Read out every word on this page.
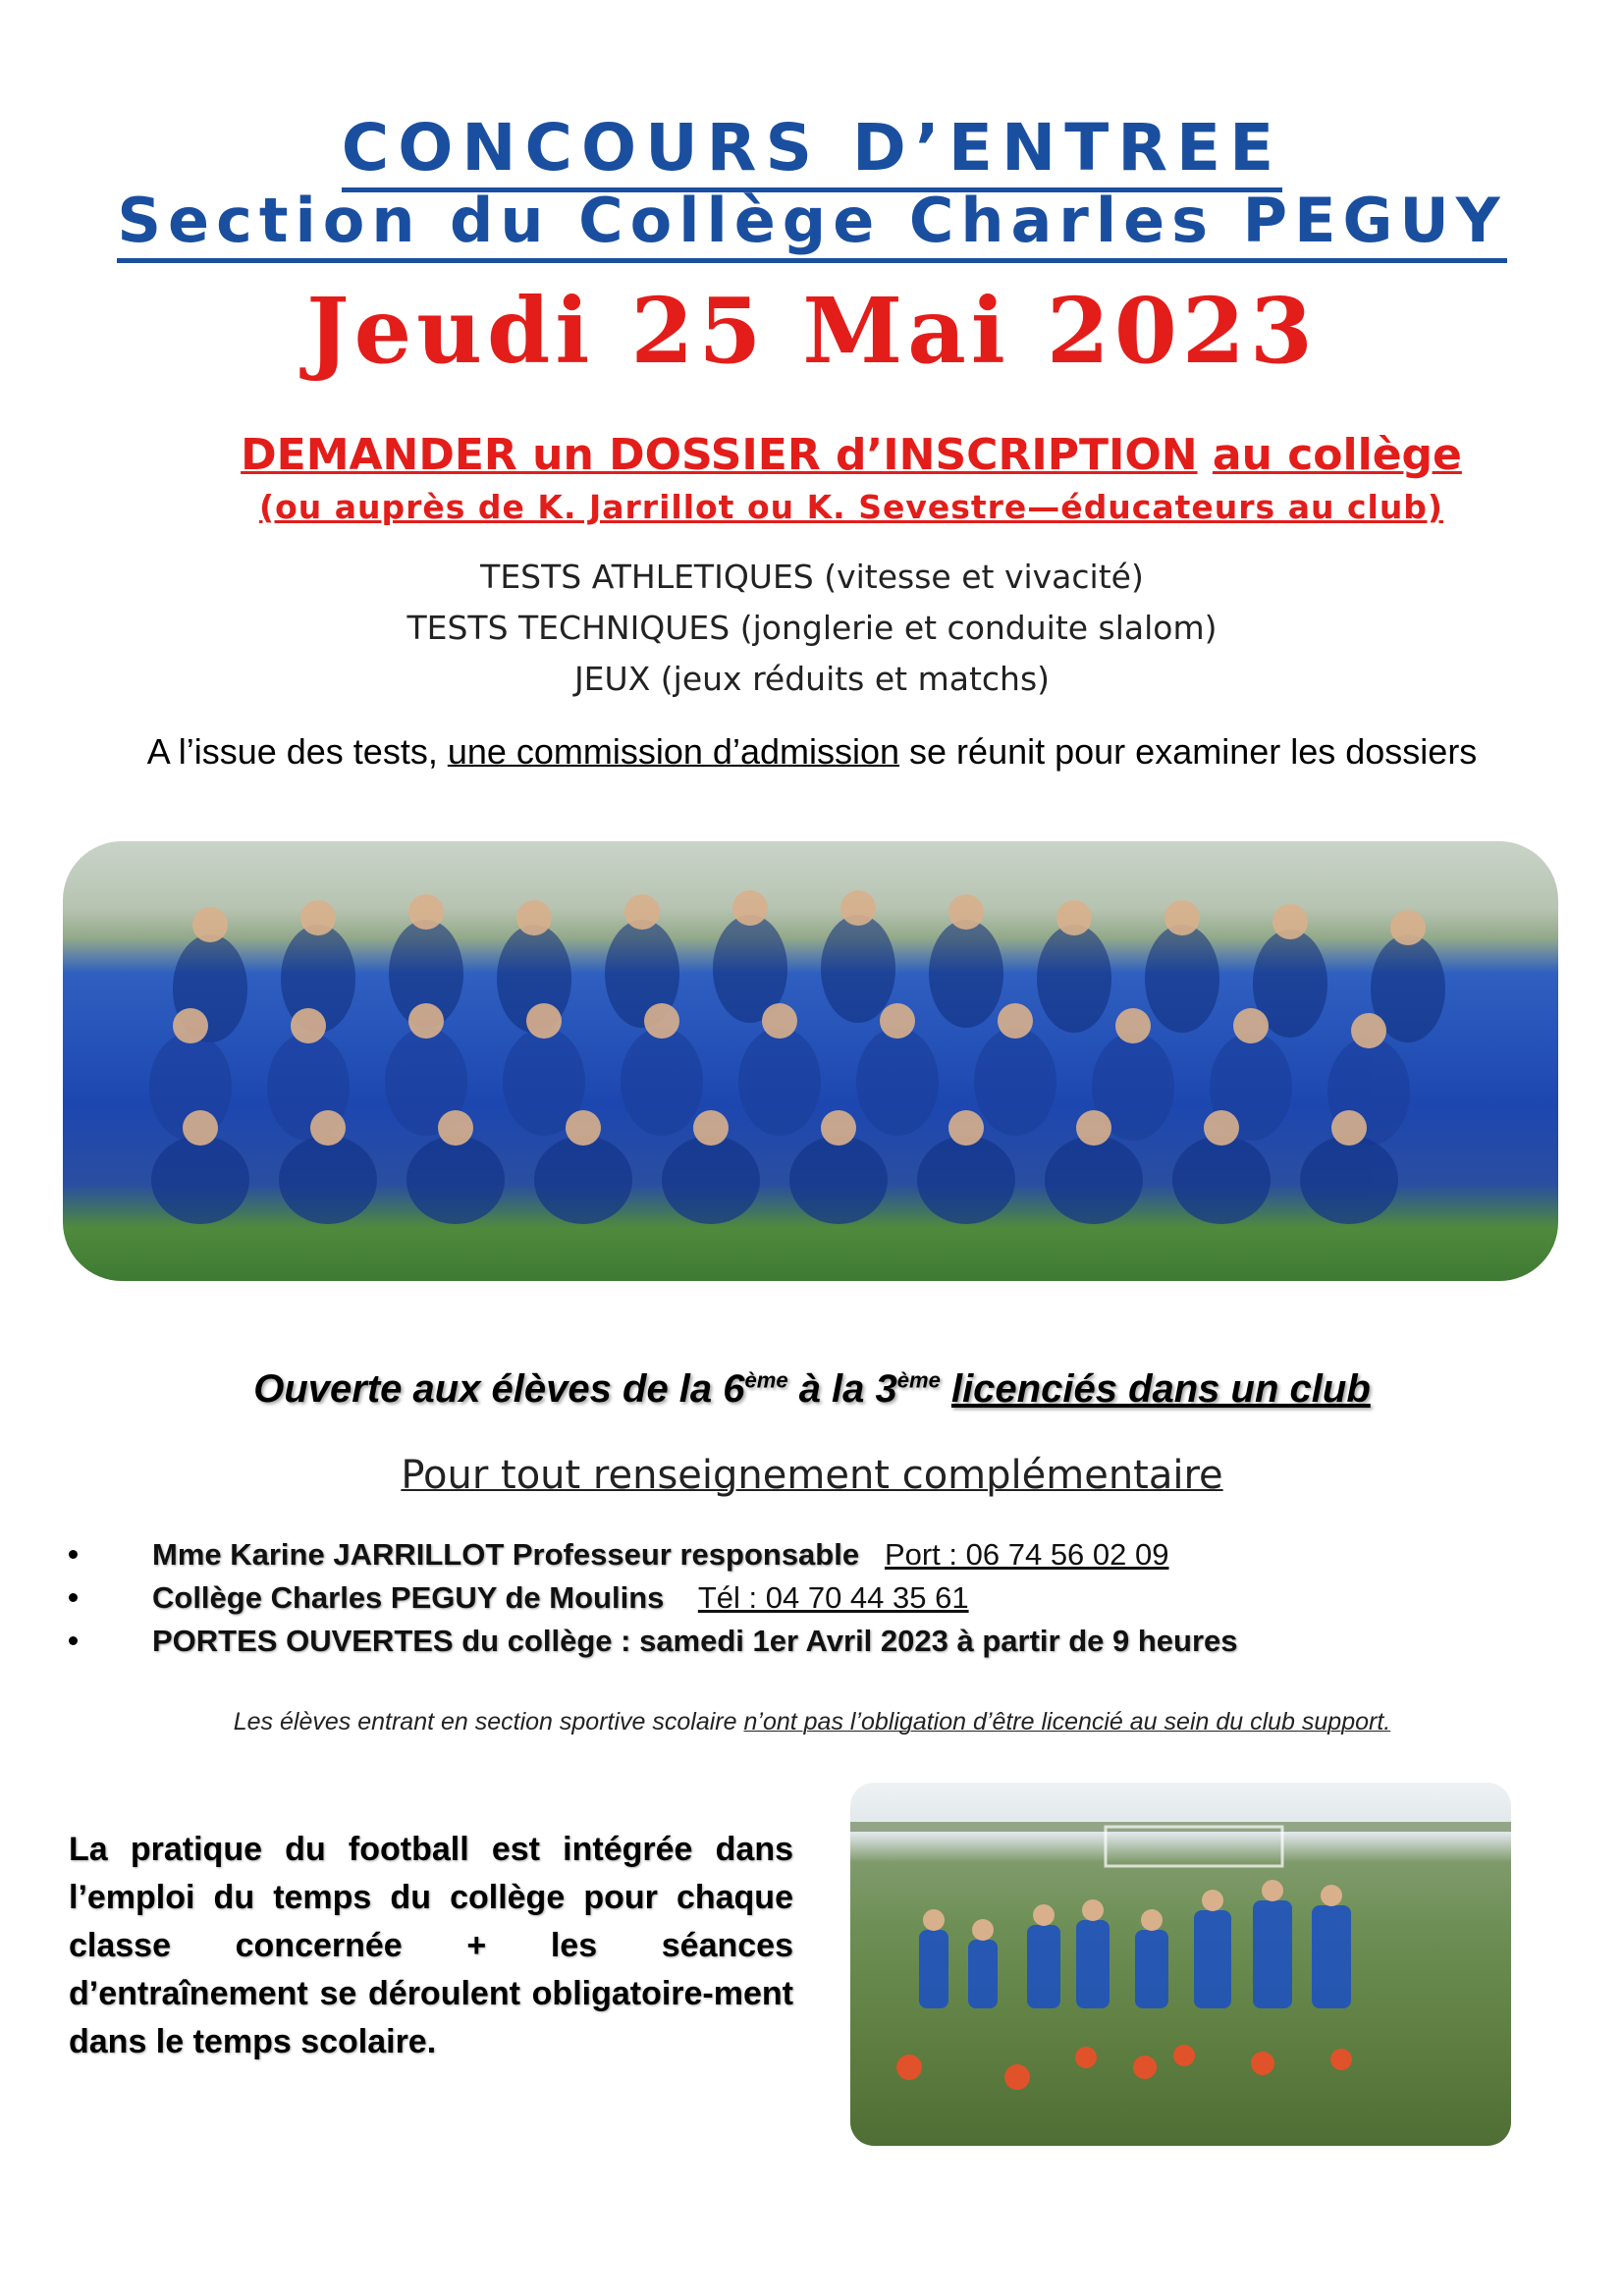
CONCOURS D’ENTREE
Section du Collège Charles PEGUY
Jeudi 25 Mai 2023
DEMANDER un DOSSIER d’INSCRIPTION au collège
(ou auprès de K. Jarrillot ou K. Sevestre—éducateurs au club)
TESTS ATHLETIQUES (vitesse et vivacité)
TESTS TECHNIQUES (jonglerie et conduite slalom)
JEUX (jeux réduits et matchs)
A l’issue des tests, une commission d’admission se réunit pour examiner les dossiers
Ouverte aux élèves de la 6ème à la 3ème licenciés dans un club
Pour tout renseignement complémentaire
Mme Karine JARRILLOT Professeur responsable Port : 06 74 56 02 09
Collège Charles PEGUY de Moulins Tél : 04 70 44 35 61
PORTES OUVERTES du collège : samedi 1er Avril 2023 à partir de 9 heures
Les élèves entrant en section sportive scolaire n’ont pas l’obligation d’être licencié au sein du club support.
La pratique du football est intégrée dans l’emploi du temps du collège pour chaque classe concernée + les séances d’entraînement se déroulent obligatoire-ment dans le temps scolaire.
